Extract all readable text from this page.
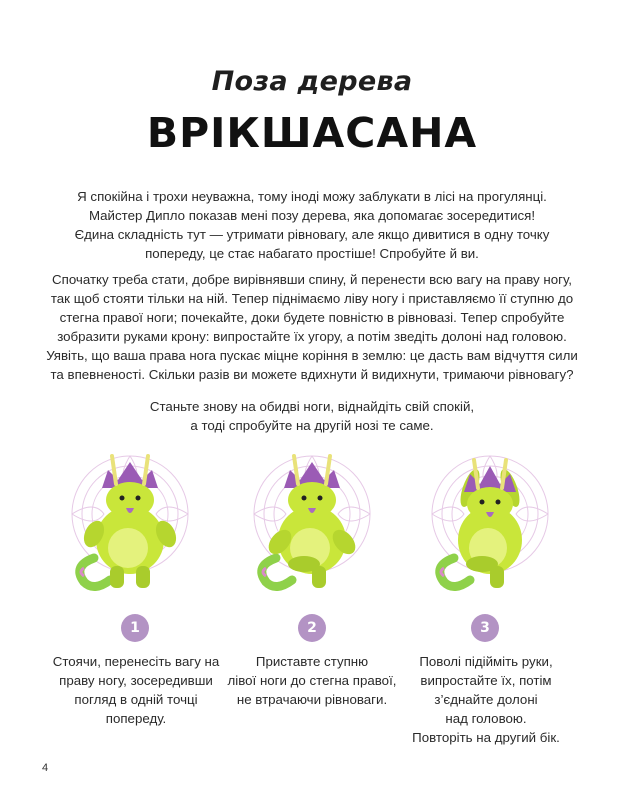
Поза дерева
ВРІКШАСАНА

Я спокійна і трохи неуважна, тому іноді можу заблукати в лісі на прогулянці.
Майстер Дипло показав мені позу дерева, яка допомагає зосередитися!
Єдина складність тут — утримати рівновагу, але якщо дивитися в одну точку
попереду, це стає набагато простіше! Спробуйте й ви.

Спочатку треба стати, добре вирівнявши спину, й перенести всю вагу на праву ногу,
так щоб стояти тільки на ній. Тепер піднімаємо ліву ногу і приставляємо її ступню до
стегна правої ноги; почекайте, доки будете повністю в рівновазі. Тепер спробуйте
зобразити руками крону: випростайте їх угору, а потім зведіть долоні над головою.
Уявіть, що ваша права нога пускає міцне коріння в землю: це дасть вам відчуття сили
та впевненості. Скільки разів ви можете вдихнути й видихнути, тримаючи рівновагу?

Станьте знову на обидві ноги, віднайдіть свій спокій,
а тоді спробуйте на другій нозі те саме.

1	2	3

Стоячи, перенесіть вагу на
праву ногу, зосередивши
погляд в одній точці
попереду.

Приставте ступню
лівої ноги до стегна правої,
не втрачаючи рівноваги.

Поволі підійміть руки,
випростайте їх, потім
з’єднайте долоні
над головою.
Повторіть на другий бік.

4
